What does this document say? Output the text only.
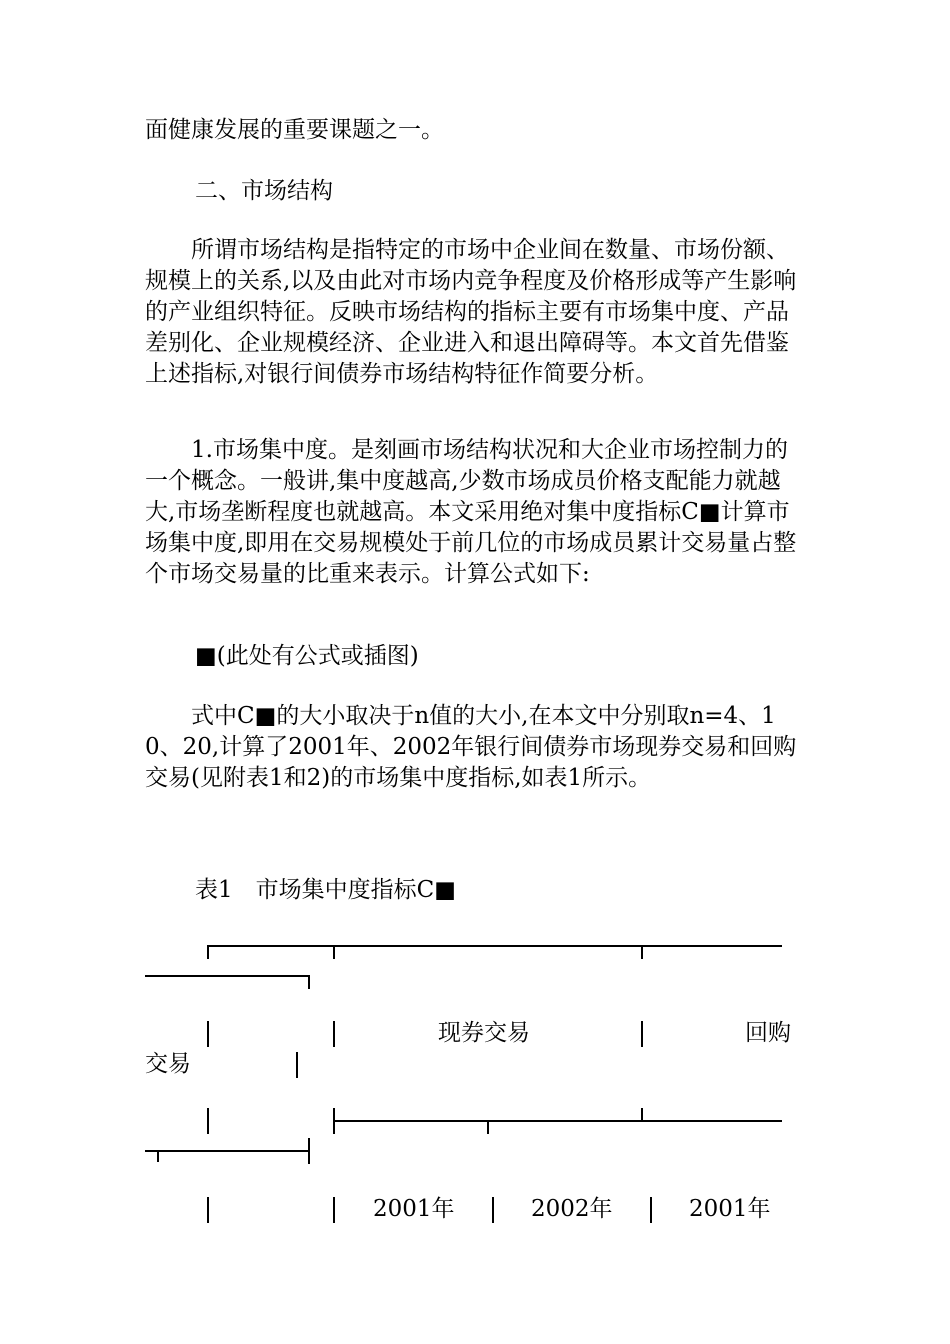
面健康发展的重要课题之一。

二、市场结构

　　所谓市场结构是指特定的市场中企业间在数量、市场份额、规模上的关系,以及由此对市场内竞争程度及价格形成等产生影响的产业组织特征。反映市场结构的指标主要有市场集中度、产品差别化、企业规模经济、企业进入和退出障碍等。本文首先借鉴上述指标,对银行间债券市场结构特征作简要分析。

　　1.市场集中度。是刻画市场结构状况和大企业市场控制力的一个概念。一般讲,集中度越高,少数市场成员价格支配能力就越大,市场垄断程度也就越高。本文采用绝对集中度指标C■计算市场集中度,即用在交易规模处于前几位的市场成员累计交易量占整个市场交易量的比重来表示。计算公式如下:

■(此处有公式或插图)

　　式中C■的大小取决于n值的大小,在本文中分别取n=4、10、20,计算了2001年、2002年银行间债券市场现券交易和回购交易(见附表1和2)的市场集中度指标,如表1所示。

表1　市场集中度指标C■

现券交易	回购

交易

2001年	2002年	2001年
